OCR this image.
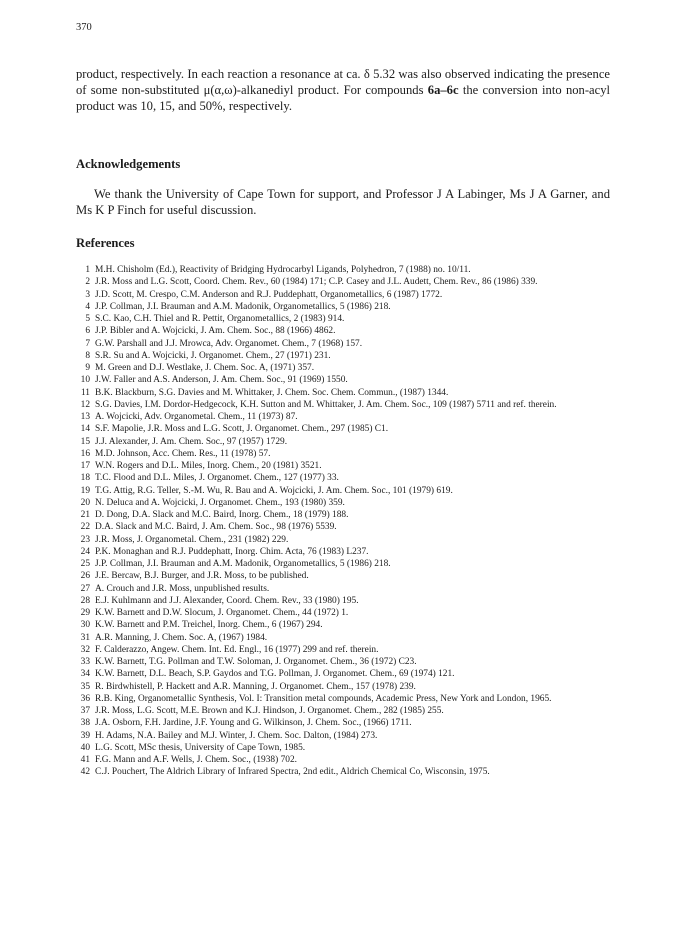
370

product, respectively. In each reaction a resonance at ca. δ 5.32 was also observed indicating the presence of some non-substituted μ(α,ω)-alkanediyl product. For compounds 6a–6c the conversion into non-acyl product was 10, 15, and 50%, respectively.

Acknowledgements

We thank the University of Cape Town for support, and Professor J A Labinger, Ms J A Garner, and Ms K P Finch for useful discussion.

References
1 M.H. Chisholm (Ed.), Reactivity of Bridging Hydrocarbyl Ligands, Polyhedron, 7 (1988) no. 10/11.
2 J.R. Moss and L.G. Scott, Coord. Chem. Rev., 60 (1984) 171; C.P. Casey and J.L. Audett, Chem. Rev., 86 (1986) 339.
3 J.D. Scott, M. Crespo, C.M. Anderson and R.J. Puddephatt, Organometallics, 6 (1987) 1772.
4 J.P. Collman, J.I. Brauman and A.M. Madonik, Organometallics, 5 (1986) 218.
5 S.C. Kao, C.H. Thiel and R. Pettit, Organometallics, 2 (1983) 914.
6 J.P. Bibler and A. Wojcicki, J. Am. Chem. Soc., 88 (1966) 4862.
7 G.W. Parshall and J.J. Mrowca, Adv. Organomet. Chem., 7 (1968) 157.
8 S.R. Su and A. Wojcicki, J. Organomet. Chem., 27 (1971) 231.
9 M. Green and D.J. Westlake, J. Chem. Soc. A, (1971) 357.
10 J.W. Faller and A.S. Anderson, J. Am. Chem. Soc., 91 (1969) 1550.
11 B.K. Blackburn, S.G. Davies and M. Whittaker, J. Chem. Soc. Chem. Commun., (1987) 1344.
12 S.G. Davies, I.M. Dordor-Hedgecock, K.H. Sutton and M. Whittaker, J. Am. Chem. Soc., 109 (1987) 5711 and ref. therein.
13 A. Wojcicki, Adv. Organometal. Chem., 11 (1973) 87.
14 S.F. Mapolie, J.R. Moss and L.G. Scott, J. Organomet. Chem., 297 (1985) C1.
15 J.J. Alexander, J. Am. Chem. Soc., 97 (1957) 1729.
16 M.D. Johnson, Acc. Chem. Res., 11 (1978) 57.
17 W.N. Rogers and D.L. Miles, Inorg. Chem., 20 (1981) 3521.
18 T.C. Flood and D.L. Miles, J. Organomet. Chem., 127 (1977) 33.
19 T.G. Attig, R.G. Teller, S.-M. Wu, R. Bau and A. Wojcicki, J. Am. Chem. Soc., 101 (1979) 619.
20 N. Deluca and A. Wojcicki, J. Organomet. Chem., 193 (1980) 359.
21 D. Dong, D.A. Slack and M.C. Baird, Inorg. Chem., 18 (1979) 188.
22 D.A. Slack and M.C. Baird, J. Am. Chem. Soc., 98 (1976) 5539.
23 J.R. Moss, J. Organometal. Chem., 231 (1982) 229.
24 P.K. Monaghan and R.J. Puddephatt, Inorg. Chim. Acta, 76 (1983) L237.
25 J.P. Collman, J.I. Brauman and A.M. Madonik, Organometallics, 5 (1986) 218.
26 J.E. Bercaw, B.J. Burger, and J.R. Moss, to be published.
27 A. Crouch and J.R. Moss, unpublished results.
28 E.J. Kuhlmann and J.J. Alexander, Coord. Chem. Rev., 33 (1980) 195.
29 K.W. Barnett and D.W. Slocum, J. Organomet. Chem., 44 (1972) 1.
30 K.W. Barnett and P.M. Treichel, Inorg. Chem., 6 (1967) 294.
31 A.R. Manning, J. Chem. Soc. A, (1967) 1984.
32 F. Calderazzo, Angew. Chem. Int. Ed. Engl., 16 (1977) 299 and ref. therein.
33 K.W. Barnett, T.G. Pollman and T.W. Soloman, J. Organomet. Chem., 36 (1972) C23.
34 K.W. Barnett, D.L. Beach, S.P. Gaydos and T.G. Pollman, J. Organomet. Chem., 69 (1974) 121.
35 R. Birdwhistell, P. Hackett and A.R. Manning, J. Organomet. Chem., 157 (1978) 239.
36 R.B. King, Organometallic Synthesis, Vol. I: Transition metal compounds, Academic Press, New York and London, 1965.
37 J.R. Moss, L.G. Scott, M.E. Brown and K.J. Hindson, J. Organomet. Chem., 282 (1985) 255.
38 J.A. Osborn, F.H. Jardine, J.F. Young and G. Wilkinson, J. Chem. Soc., (1966) 1711.
39 H. Adams, N.A. Bailey and M.J. Winter, J. Chem. Soc. Dalton, (1984) 273.
40 L.G. Scott, MSc thesis, University of Cape Town, 1985.
41 F.G. Mann and A.F. Wells, J. Chem. Soc., (1938) 702.
42 C.J. Pouchert, The Aldrich Library of Infrared Spectra, 2nd edit., Aldrich Chemical Co, Wisconsin, 1975.
